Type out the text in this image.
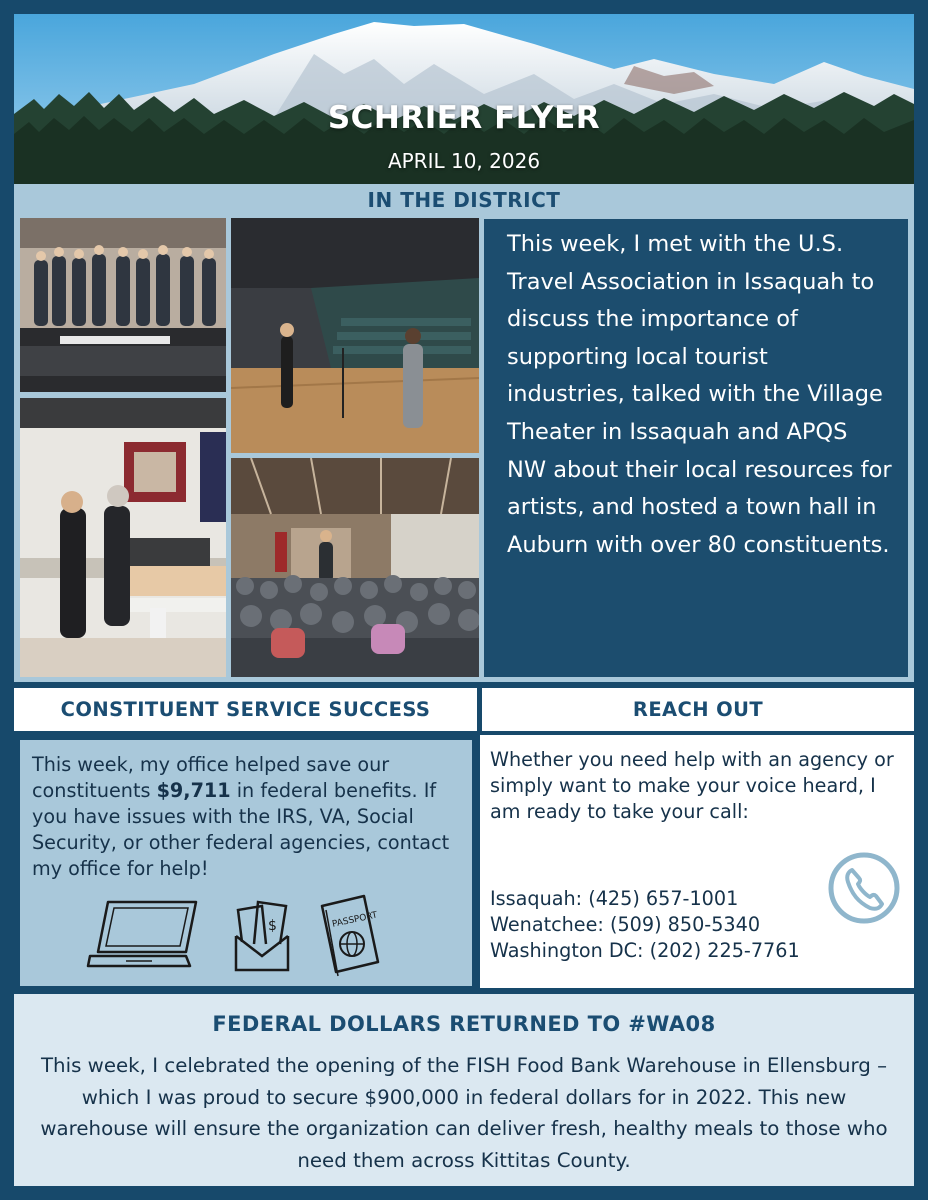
SCHRIER FLYER
APRIL 10, 2026
IN THE DISTRICT
This week, I met with the U.S. Travel Association in Issaquah to discuss the importance of supporting local tourist industries, talked with the Village Theater in Issaquah and APQS NW about their local resources for artists, and hosted a town hall in Auburn with over 80 constituents.
CONSTITUENT SERVICE SUCCESS
This week, my office helped save our constituents $9,711 in federal benefits. If you have issues with the IRS, VA, Social Security, or other federal agencies, contact my office for help!
$	PASSPORT
REACH OUT
Whether you need help with an agency or simply want to make your voice heard, I am ready to take your call:
Issaquah: (425) 657-1001
Wenatchee: (509) 850-5340
Washington DC: (202) 225-7761
FEDERAL DOLLARS RETURNED TO #WA08
This week, I celebrated the opening of the FISH Food Bank Warehouse in Ellensburg – which I was proud to secure $900,000 in federal dollars for in 2022. This new warehouse will ensure the organization can deliver fresh, healthy meals to those who need them across Kittitas County.
